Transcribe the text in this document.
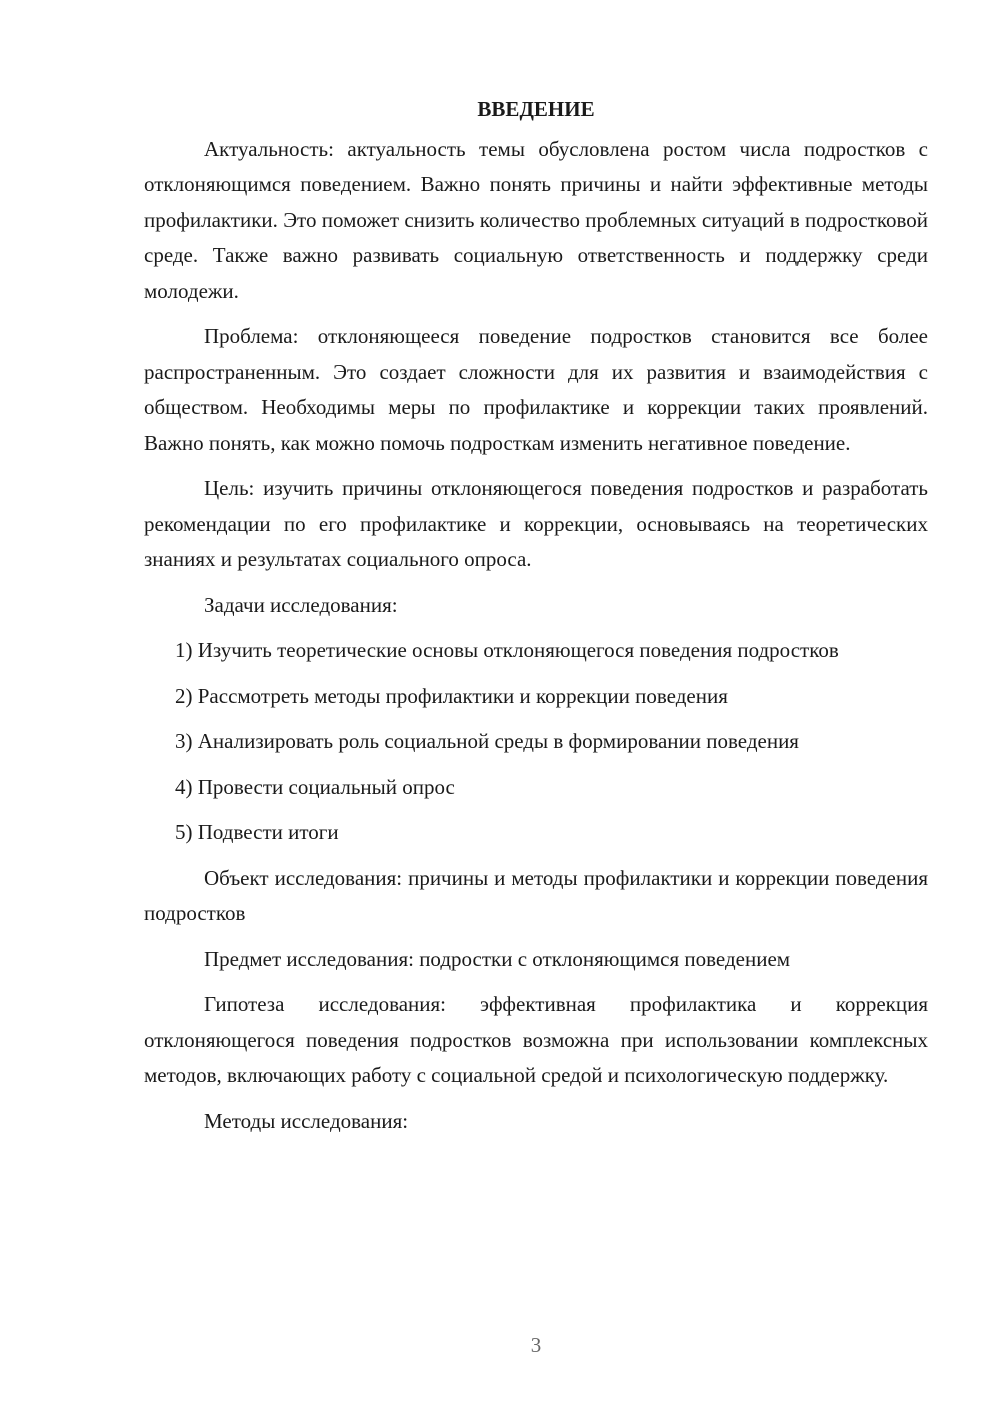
ВВЕДЕНИЕ

Актуальность: актуальность темы обусловлена ростом числа подростков с отклоняющимся поведением. Важно понять причины и найти эффективные методы профилактики. Это поможет снизить количество проблемных ситуаций в подростковой среде. Также важно развивать социальную ответственность и поддержку среди молодежи.

Проблема: отклоняющееся поведение подростков становится все более распространенным. Это создает сложности для их развития и взаимодействия с обществом. Необходимы меры по профилактике и коррекции таких проявлений. Важно понять, как можно помочь подросткам изменить негативное поведение.

Цель: изучить причины отклоняющегося поведения подростков и разработать рекомендации по его профилактике и коррекции, основываясь на теоретических знаниях и результатах социального опроса.

Задачи исследования:

1) Изучить теоретические основы отклоняющегося поведения подростков

2) Рассмотреть методы профилактики и коррекции поведения

3) Анализировать роль социальной среды в формировании поведения

4) Провести социальный опрос

5) Подвести итоги

Объект исследования: причины и методы профилактики и коррекции поведения подростков

Предмет исследования: подростки с отклоняющимся поведением

Гипотеза исследования: эффективная профилактика и коррекция отклоняющегося поведения подростков возможна при использовании комплексных методов, включающих работу с социальной средой и психологическую поддержку.

Методы исследования:

3
